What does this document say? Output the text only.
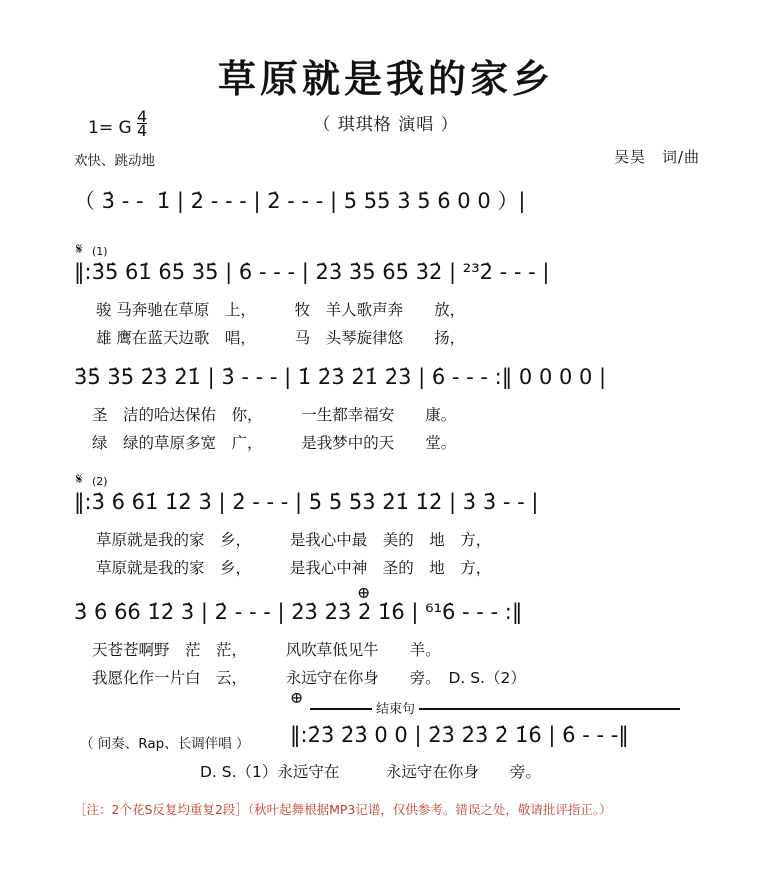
草原就是我的家乡
（ 琪琪格 演唱 ）
1= G $\frac{4}{4}$
欢快、跳动地	吴昊　词/曲
（ 3̇ - -  1̇ | 2̇ - - - | 2̇ - - - | 5̇ 5̇5̇ 3̇ 5̇ 6̇ 0 0 ）|
𝄋 (1)
‖:3̇5̇ 6̇1̇ 6̇5̇ 3̇5̇ | 6̇ - - - | 2̇3̇ 3̇5̇ 6̇5̇ 3̇2̇ | ²³2̇ - - - |
骏 马奔驰在草原　上，　　　牧　羊人歌声奔　　放，
雄 鹰在蓝天边歌　唱，　　　马　头琴旋律悠　　扬，
3̇5̇ 3̇5̇ 2̇3̇ 2̇1̇ | 3̇ - - - | 1̇ 2̇3̇ 2̇1̇ 2̇3̇ | 6̇ - - - :‖ 0 0 0 0 |
圣　洁的哈达保佑　你，　　　一生都幸福安　　康。
绿　绿的草原多宽　广，　　　是我梦中的天　　堂。
𝄋 (2)
‖:3̇ 6̇ 6̇1̇ 1̇2̇ 3̇ | 2̇ - - - | 5̇ 5̇ 5̇3̇ 2̇1̇ 1̇2̇ | 3̇ 3̇ - - |
草原就是我的家　乡，　　　是我心中最　美的　地　方，
草原就是我的家　乡，　　　是我心中神　圣的　地　方，
⊕
3̇ 6̇ 6̇6̇ 1̇2̇ 3̇ | 2̇ - - - | 2̇3̇ 2̇3̇ 2̇ 1̇6̇ | ⁶¹6̇ - - - :‖
天苍苍啊野　茫　茫，　　　风吹草低见牛　　羊。
我愿化作一片白　云，　　　永远守在你身　　旁。　D. S.（2）
⊕
结束句
（ 间奏、Rap、长调伴唱 ） ‖:2̇3̇ 2̇3̇ 0 0 | 2̇3̇ 2̇3̇ 2̇ 1̇6̇ | 6̇ - - -‖
D. S.（1）永远守在　　　永远守在你身　　旁。
［注：2个花S反复均重复2段］（秋叶起舞根据MP3记谱，仅供参考。错误之处，敬请批评指正。）
